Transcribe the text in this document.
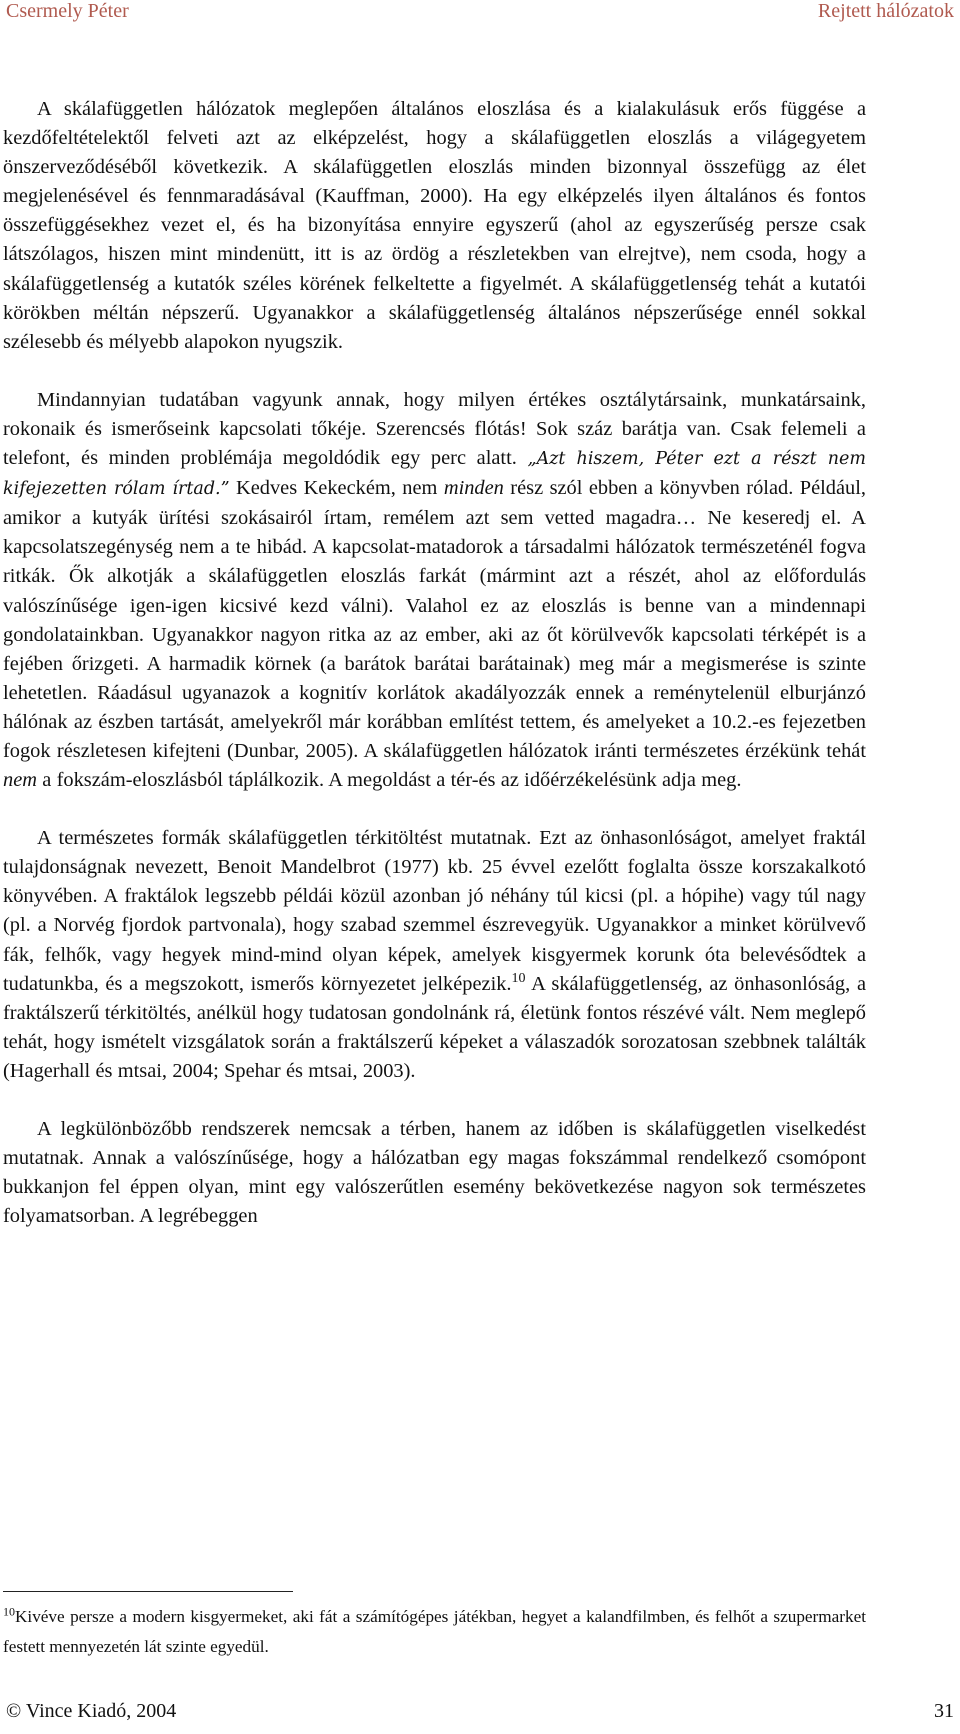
Csermely Péter	Rejtett hálózatok

A skálafüggetlen hálózatok meglepően általános eloszlása és a kialakulásuk erős függése a kezdőfeltételektől felveti azt az elképzelést, hogy a skálafüggetlen eloszlás a világegyetem önszerveződéséből következik. A skálafüggetlen eloszlás minden bizonnyal összefügg az élet megjelenésével és fennmaradásával (Kauffman, 2000). Ha egy elképzelés ilyen általános és fontos összefüggésekhez vezet el, és ha bizonyítása ennyire egyszerű (ahol az egyszerűség persze csak látszólagos, hiszen mint mindenütt, itt is az ördög a részletekben van elrejtve), nem csoda, hogy a skálafüggetlenség a kutatók széles körének felkeltette a figyelmét. A skálafüggetlenség tehát a kutatói körökben méltán népszerű. Ugyanakkor a skálafüggetlenség általános népszerűsége ennél sokkal szélesebb és mélyebb alapokon nyugszik.

Mindannyian tudatában vagyunk annak, hogy milyen értékes osztálytársaink, munkatársaink, rokonaik és ismerőseink kapcsolati tőkéje. Szerencsés flótás! Sok száz barátja van. Csak felemeli a telefont, és minden problémája megoldódik egy perc alatt. „Azt hiszem, Péter ezt a részt nem kifejezetten rólam írtad.” Kedves Kekeckém, nem minden rész szól ebben a könyvben rólad. Például, amikor a kutyák ürítési szokásairól írtam, remélem azt sem vetted magadra… Ne keseredj el. A kapcsolatszegénység nem a te hibád. A kapcsolat-matadorok a társadalmi hálózatok természeténél fogva ritkák. Ők alkotják a skálafüggetlen eloszlás farkát (mármint azt a részét, ahol az előfordulás valószínűsége igen-igen kicsivé kezd válni). Valahol ez az eloszlás is benne van a mindennapi gondolatainkban. Ugyanakkor nagyon ritka az az ember, aki az őt körülvevők kapcsolati térképét is a fejében őrizgeti. A harmadik körnek (a barátok barátai barátainak) meg már a megismerése is szinte lehetetlen. Ráadásul ugyanazok a kognitív korlátok akadályozzák ennek a reménytelenül elburjánzó hálónak az észben tartását, amelyekről már korábban említést tettem, és amelyeket a 10.2.-es fejezetben fogok részletesen kifejteni (Dunbar, 2005). A skálafüggetlen hálózatok iránti természetes érzékünk tehát nem a fokszám-eloszlásból táplálkozik. A megoldást a tér-és az időérzékelésünk adja meg.

A természetes formák skálafüggetlen térkitöltést mutatnak. Ezt az önhasonlóságot, amelyet fraktál tulajdonságnak nevezett, Benoit Mandelbrot (1977) kb. 25 évvel ezelőtt foglalta össze korszakalkotó könyvében. A fraktálok legszebb példái közül azonban jó néhány túl kicsi (pl. a hópihe) vagy túl nagy (pl. a Norvég fjordok partvonala), hogy szabad szemmel észrevegyük. Ugyanakkor a minket körülvevő fák, felhők, vagy hegyek mind-mind olyan képek, amelyek kisgyermek korunk óta belevésődtek a tudatunkba, és a megszokott, ismerős környezetet jelképezik.$^{10}$ A skálafüggetlenség, az önhasonlóság, a fraktálszerű térkitöltés, anélkül hogy tudatosan gondolnánk rá, életünk fontos részévé vált. Nem meglepő tehát, hogy ismételt vizsgálatok során a fraktálszerű képeket a válaszadók sorozatosan szebbnek találták (Hagerhall és mtsai, 2004; Spehar és mtsai, 2003).

A legkülönbözőbb rendszerek nemcsak a térben, hanem az időben is skálafüggetlen viselkedést mutatnak. Annak a valószínűsége, hogy a hálózatban egy magas fokszámmal rendelkező csomópont bukkanjon fel éppen olyan, mint egy valószerűtlen esemény bekövetkezése nagyon sok természetes folyamatsorban. A legrébeggen

$^{10}$Kivéve persze a modern kisgyermeket, aki fát a számítógépes játékban, hegyet a kalandfilmben, és felhőt a szupermarket festett mennyezetén lát szinte egyedül.
© Vince Kiadó, 2004	31
